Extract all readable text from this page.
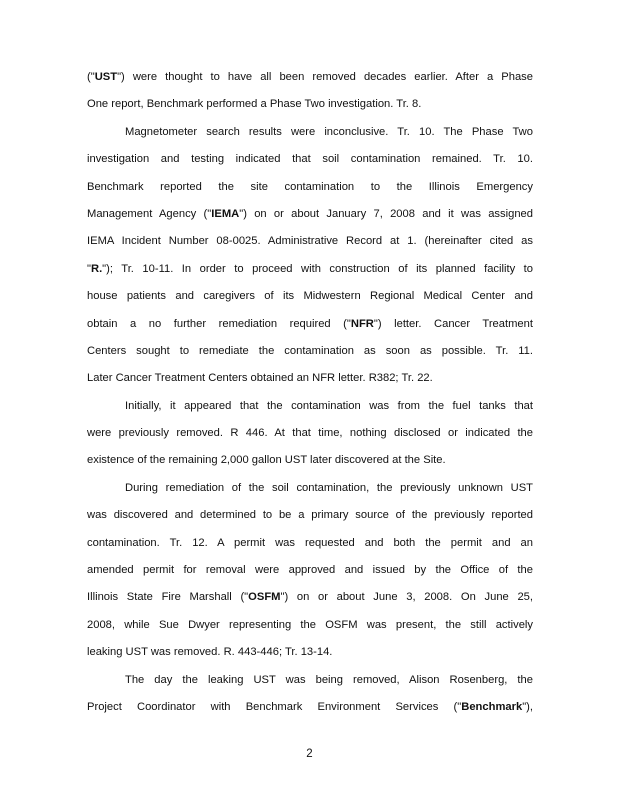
("UST") were thought to have all been removed decades earlier. After a Phase
One report, Benchmark performed a Phase Two investigation. Tr. 8.
Magnetometer search results were inconclusive. Tr. 10. The Phase Two
investigation and testing indicated that soil contamination remained. Tr. 10.
Benchmark reported the site contamination to the Illinois Emergency
Management Agency ("IEMA") on or about January 7, 2008 and it was assigned
IEMA Incident Number 08-0025. Administrative Record at 1. (hereinafter cited as
"R."); Tr. 10-11. In order to proceed with construction of its planned facility to
house patients and caregivers of its Midwestern Regional Medical Center and
obtain a no further remediation required ("NFR") letter. Cancer Treatment
Centers sought to remediate the contamination as soon as possible. Tr. 11.
Later Cancer Treatment Centers obtained an NFR letter. R382; Tr. 22.
Initially, it appeared that the contamination was from the fuel tanks that
were previously removed. R 446. At that time, nothing disclosed or indicated the
existence of the remaining 2,000 gallon UST later discovered at the Site.
During remediation of the soil contamination, the previously unknown UST
was discovered and determined to be a primary source of the previously reported
contamination. Tr. 12. A permit was requested and both the permit and an
amended permit for removal were approved and issued by the Office of the
Illinois State Fire Marshall ("OSFM") on or about June 3, 2008. On June 25,
2008, while Sue Dwyer representing the OSFM was present, the still actively
leaking UST was removed. R. 443-446; Tr. 13-14.
The day the leaking UST was being removed, Alison Rosenberg, the
Project Coordinator with Benchmark Environment Services ("Benchmark"),
2
